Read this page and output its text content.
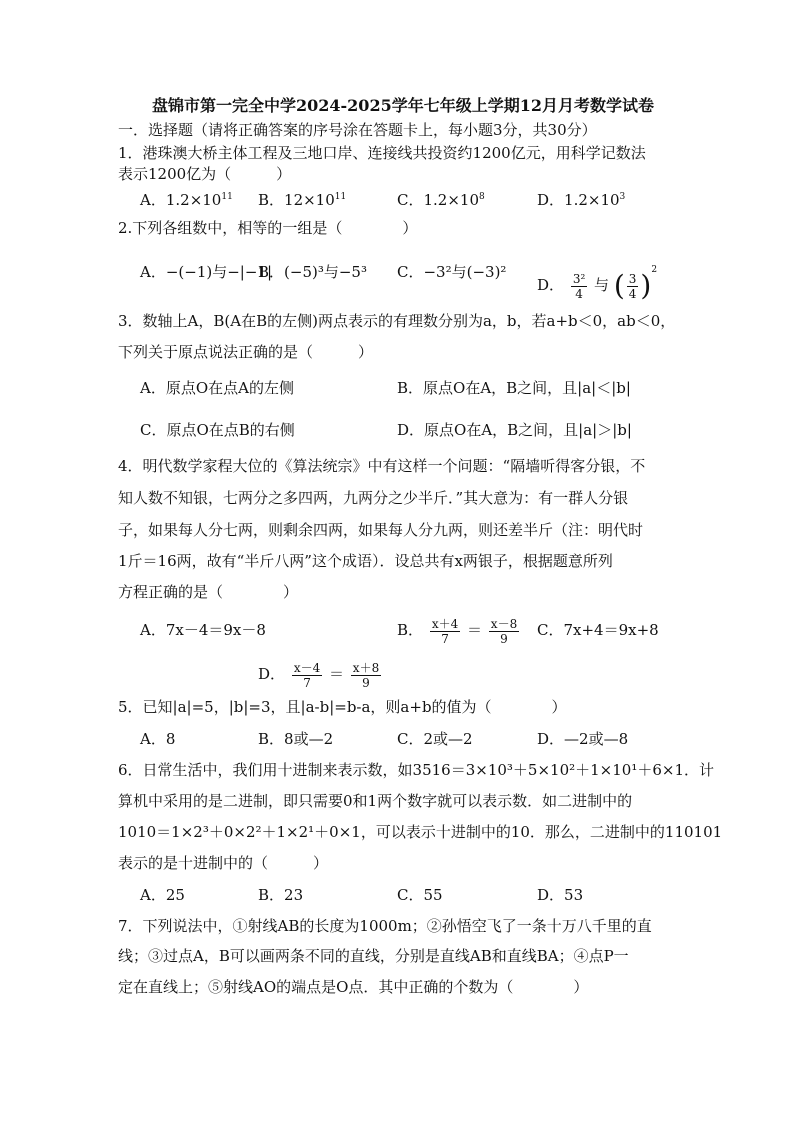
盘锦市第一完全中学2024-2025学年七年级上学期12月月考数学试卷
一．选择题（请将正确答案的序号涂在答题卡上，每小题3分，共30分）
1．港珠澳大桥主体工程及三地口岸、连接线共投资约1200亿元，用科学记数法
表示1200亿为（　　　）
A．$1.2\times 10^{11}$ B．$12\times 10^{11}$	C．$1.2\times 10^8$	D．$1.2\times 10^3$
2.下列各组数中，相等的一组是（　　　　）
A．−(−1)与−|−1|
B．(−5)³与−5³ C．−3²与(−3)²
D． $\frac{\text{3²}}{4}$ 与 ( $\frac{3}{4} )^2$
3．数轴上A，B(A在B的左侧)两点表示的有理数分别为a，b，若a+b＜0，ab＜0，
下列关于原点说法正确的是（　　　）
A．原点O在点A的左侧	B．原点O在A，B之间，且|a|＜|b|
C．原点O在点B的右侧	D．原点O在A，B之间，且|a|＞|b|
4．明代数学家程大位的《算法统宗》中有这样一个问题：“隔墙听得客分银，不
知人数不知银，七两分之多四两，九两分之少半斤．”其大意为：有一群人分银
子，如果每人分七两，则剩余四两，如果每人分九两，则还差半斤（注：明代时
1斤＝16两，故有“半斤八两”这个成语）．设总共有x两银子，根据题意所列
方程正确的是（　　　　）
A．7x－4＝9x－8	B． $\frac{x+4}{7} = \frac{x-8}{9}$ C．7x+4＝9x+8
D． $\frac{x-4}{7} = \frac{x+8}{9}$
5．已知|a|=5，|b|=3，且|a-b|=b-a，则a+b的值为（　　　　）
A．8	B．8或—2	C．2或—2	D．—2或—8
6．日常生活中，我们用十进制来表示数，如3516＝3×10³＋5×10²＋1×10¹＋6×1．计
算机中采用的是二进制，即只需要0和1两个数字就可以表示数．如二进制中的
1010＝1×2³＋0×2²＋1×2¹＋0×1，可以表示十进制中的10．那么，二进制中的110101
表示的是十进制中的（　　　）
A．25	B．23	C．55	D．53
7．下列说法中，①射线AB的长度为1000m；②孙悟空飞了一条十万八千里的直
线；③过点A，B可以画两条不同的直线，分别是直线AB和直线BA；④点P一
定在直线上；⑤射线AO的端点是O点．其中正确的个数为（　　　　）
